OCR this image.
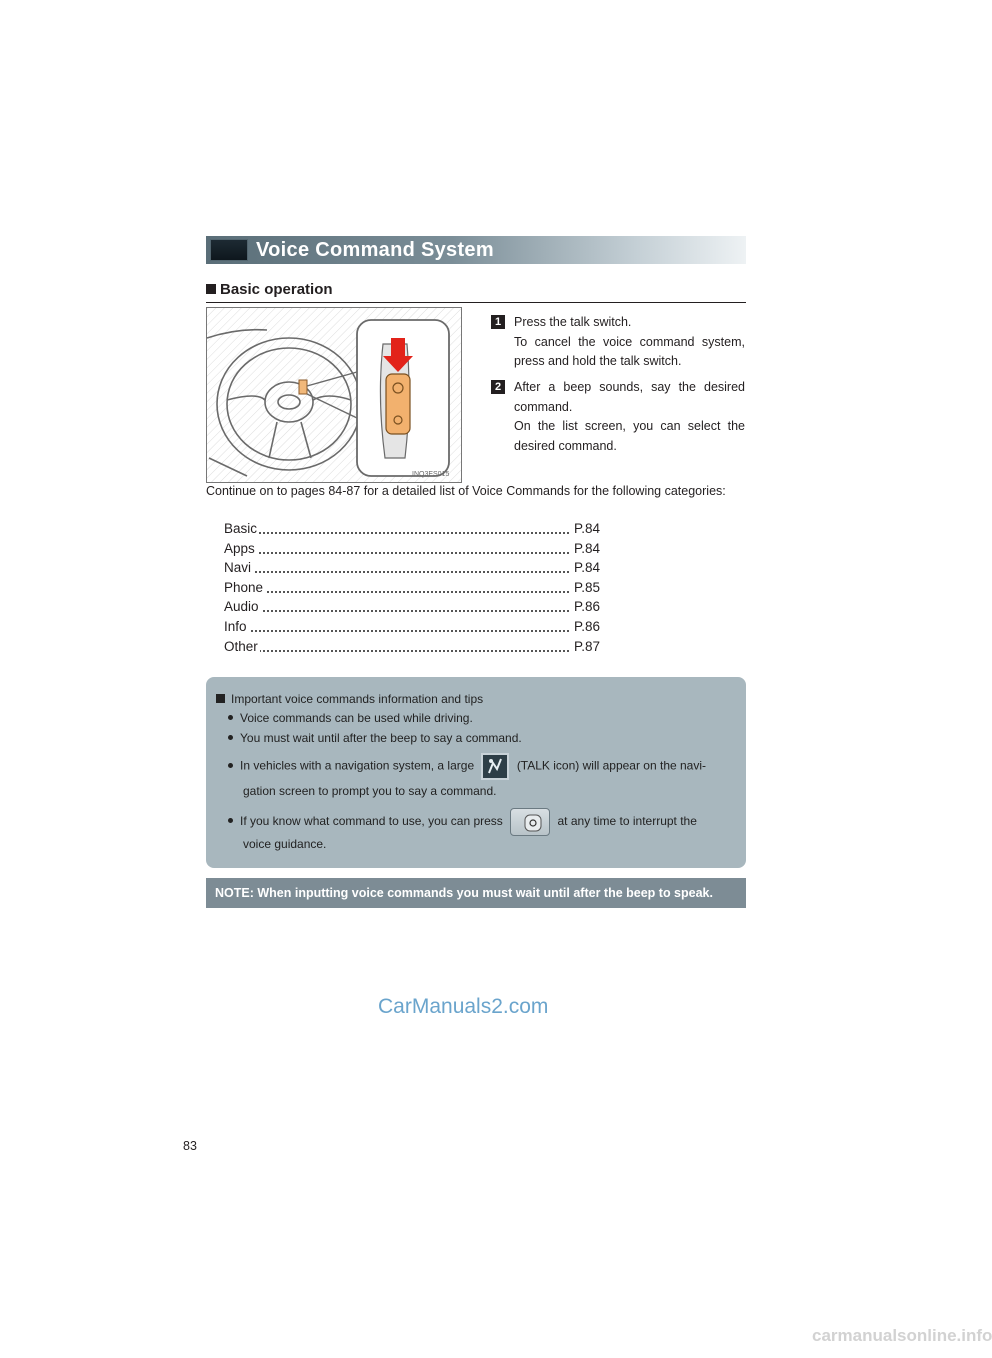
Voice Command System
Basic operation
INQ3ES015
1	Press the talk switch.

To cancel the voice command system, press and hold the talk switch.

2	After a beep sounds, say the desired command.

On the list screen, you can select the desired command.

Continue on to pages 84-87 for a detailed list of Voice Commands for the following categories:
Basic	P.84
Apps	P.84
Navi	P.84
Phone	P.85
Audio	P.86
Info	P.86
Other	P.87
Important voice commands information and tips
Voice commands can be used while driving.
You must wait until after the beep to say a command.
In vehicles with a navigation system, a large	(TALK icon) will appear on the navi-
gation screen to prompt you to say a command.
If you know what command to use, you can press	at any time to interrupt the
voice guidance.
NOTE: When inputting voice commands you must wait until after the beep to speak.
CarManuals2.com
83
carmanualsonline.info
